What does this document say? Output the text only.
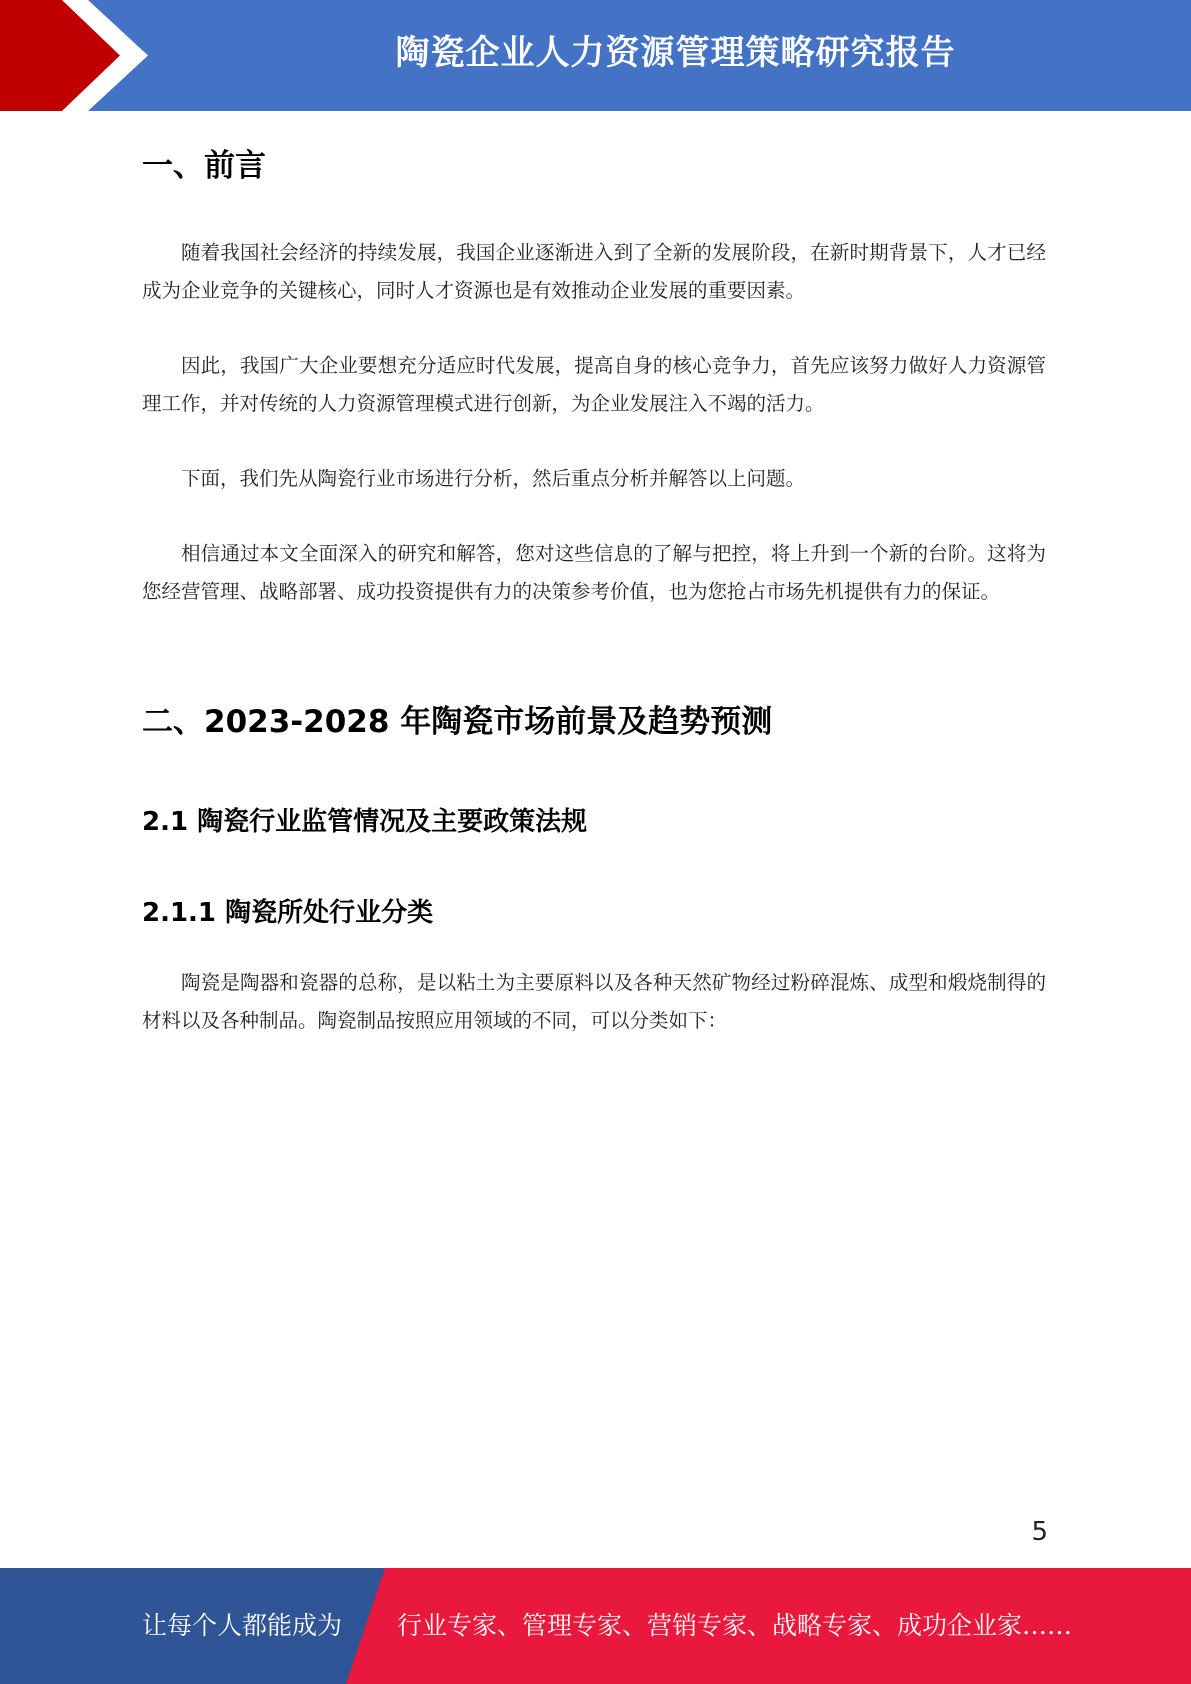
陶瓷企业人力资源管理策略研究报告
一、前言

随着我国社会经济的持续发展，我国企业逐渐进入到了全新的发展阶段，在新时期背景下，人才已经成为企业竞争的关键核心，同时人才资源也是有效推动企业发展的重要因素。

因此，我国广大企业要想充分适应时代发展，提高自身的核心竞争力，首先应该努力做好人力资源管理工作，并对传统的人力资源管理模式进行创新，为企业发展注入不竭的活力。

下面，我们先从陶瓷行业市场进行分析，然后重点分析并解答以上问题。

相信通过本文全面深入的研究和解答，您对这些信息的了解与把控，将上升到一个新的台阶。这将为您经营管理、战略部署、成功投资提供有力的决策参考价值，也为您抢占市场先机提供有力的保证。

二、2023-2028 年陶瓷市场前景及趋势预测
2.1 陶瓷行业监管情况及主要政策法规
2.1.1 陶瓷所处行业分类

陶瓷是陶器和瓷器的总称，是以粘土为主要原料以及各种天然矿物经过粉碎混炼、成型和煅烧制得的材料以及各种制品。陶瓷制品按照应用领域的不同，可以分类如下：

5
让每个人都能成为 行业专家、管理专家、营销专家、战略专家、成功企业家……
